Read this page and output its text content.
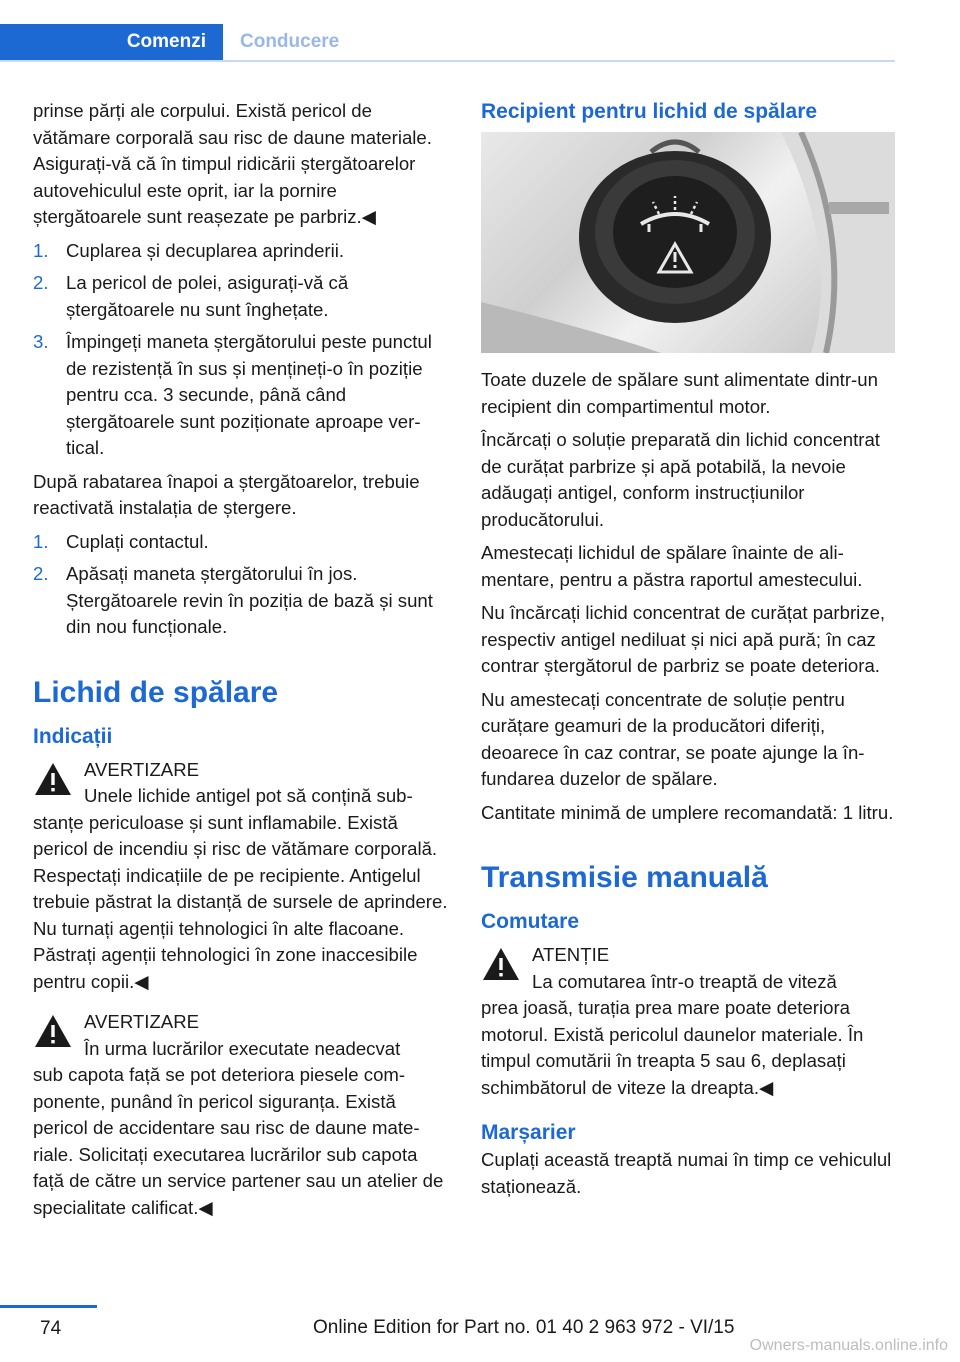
Comenzi	Conducere

prinse părți ale corpului. Există pericol de vătămare corporală sau risc de daune materiale. Asigurați-vă că în timpul ridicării ștergătoarelor autovehiculul este oprit, iar la pornire ștergătoarele sunt reașezate pe parbriz.◀

1. Cuplarea și decuplarea aprinderii.
2. La pericol de polei, asigurați-vă că ștergătoarele nu sunt înghețate.
3. Împingeți maneta ștergătorului peste punctul de rezistență în sus și mențineți-o în poziție pentru cca. 3 secunde, până când ștergătoarele sunt poziționate aproape vertical.

După rabatarea înapoi a ștergătoarelor, trebuie reactivată instalația de ștergere.

1. Cuplați contactul.
2. Apăsați maneta ștergătorului în jos. Ștergătoarele revin în poziția de bază și sunt din nou funcționale.
Lichid de spălare
Indicații
AVERTIZARE
Unele lichide antigel pot să conțină sub-
stanțe periculoase și sunt inflamabile. Există pericol de incendiu și risc de vătămare corporală. Respectați indicațiile de pe recipiente. Antigelul trebuie păstrat la distanță de sursele de aprindere. Nu turnați agenții tehnologici în alte flacoane. Păstrați agenții tehnologici în zone inaccesibile pentru copii.◀
AVERTIZARE
În urma lucrărilor executate neadecvat
sub capota față se pot deteriora piesele componente, punând în pericol siguranța. Există pericol de accidentare sau risc de daune materiale. Solicitați executarea lucrărilor sub capota față de către un service partener sau un atelier de specialitate calificat.◀
Recipient pentru lichid de spălare

Toate duzele de spălare sunt alimentate dintr-un recipient din compartimentul motor.

Încărcați o soluție preparată din lichid concentrat de curățat parbrize și apă potabilă, la nevoie adăugați antigel, conform instrucțiunilor producătorului.

Amestecați lichidul de spălare înainte de alimentare, pentru a păstra raportul amestecului.

Nu încărcați lichid concentrat de curățat parbrize, respectiv antigel nediluat și nici apă pură; în caz contrar ștergătorul de parbriz se poate deteriora.

Nu amestecați concentrate de soluție pentru curățare geamuri de la producători diferiți, deoarece în caz contrar, se poate ajunge la înfundarea duzelor de spălare.

Cantitate minimă de umplere recomandată: 1 litru.

Transmisie manuală
Comutare
ATENȚIE
La comutarea într-o treaptă de viteză
prea joasă, turația prea mare poate deteriora motorul. Există pericolul daunelor materiale. În timpul comutării în treapta 5 sau 6, deplasați schimbătorul de viteze la dreapta.◀
Marșarier

Cuplați această treaptă numai în timp ce vehiculul staționează.

74	Online Edition for Part no. 01 40 2 963 972 - VI/15
Owners-manuals.online.info
